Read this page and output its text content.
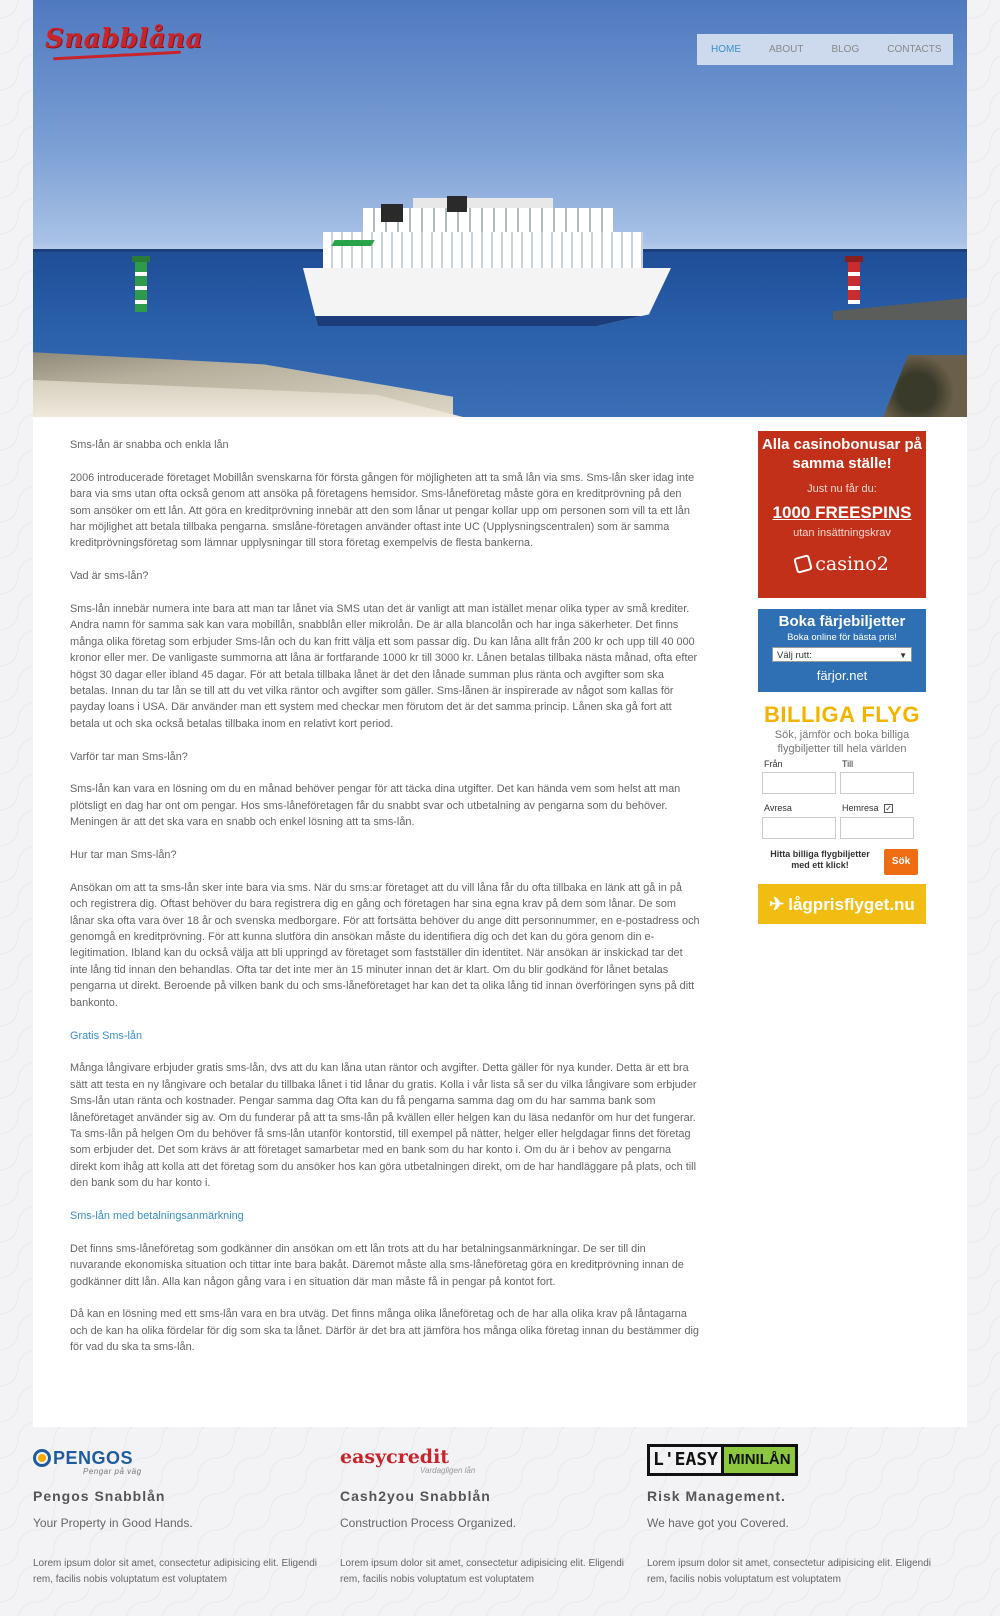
Snabblåna	HOME	ABOUT	BLOG	CONTACTS

Sms-lån är snabba och enkla lån

2006 introducerade företaget Mobillån svenskarna för första gången för möjligheten att ta små lån via sms. Sms-lån sker idag inte bara via sms utan ofta också genom att ansöka på företagens hemsidor. Sms-låneföretag måste göra en kreditprövning på den som ansöker om ett lån. Att göra en kreditprövning innebär att den som lånar ut pengar kollar upp om personen som vill ta ett lån har möjlighet att betala tillbaka pengarna. smslåne-företagen använder oftast inte UC (Upplysningscentralen) som är samma kreditprövningsföretag som lämnar upplysningar till stora företag exempelvis de flesta bankerna.

Vad är sms-lån?

Sms-lån innebär numera inte bara att man tar lånet via SMS utan det är vanligt att man istället menar olika typer av små krediter. Andra namn för samma sak kan vara mobillån, snabblån eller mikrolån. De är alla blancolån och har inga säkerheter. Det finns många olika företag som erbjuder Sms-lån och du kan fritt välja ett som passar dig. Du kan låna allt från 200 kr och upp till 40 000 kronor eller mer. De vanligaste summorna att låna är fortfarande 1000 kr till 3000 kr. Lånen betalas tillbaka nästa månad, ofta efter högst 30 dagar eller ibland 45 dagar. För att betala tillbaka lånet är det den lånade summan plus ränta och avgifter som ska betalas. Innan du tar lån se till att du vet vilka räntor och avgifter som gäller. Sms-lånen är inspirerade av något som kallas för payday loans i USA. Där använder man ett system med checkar men förutom det är det samma princip. Lånen ska gå fort att betala ut och ska också betalas tillbaka inom en relativt kort period.

Varför tar man Sms-lån?

Sms-lån kan vara en lösning om du en månad behöver pengar för att täcka dina utgifter. Det kan hända vem som helst att man plötsligt en dag har ont om pengar. Hos sms-låneföretagen får du snabbt svar och utbetalning av pengarna som du behöver. Meningen är att det ska vara en snabb och enkel lösning att ta sms-lån.

Hur tar man Sms-lån?

Ansökan om att ta sms-lån sker inte bara via sms. När du sms:ar företaget att du vill låna får du ofta tillbaka en länk att gå in på och registrera dig. Oftast behöver du bara registrera dig en gång och företagen har sina egna krav på dem som lånar. De som lånar ska ofta vara över 18 år och svenska medborgare. För att fortsätta behöver du ange ditt personnummer, en e-postadress och genomgå en kreditprövning. För att kunna slutföra din ansökan måste du identifiera dig och det kan du göra genom din e-legitimation. Ibland kan du också välja att bli uppringd av företaget som fastställer din identitet. När ansökan är inskickad tar det inte lång tid innan den behandlas. Ofta tar det inte mer än 15 minuter innan det är klart. Om du blir godkänd för lånet betalas pengarna ut direkt. Beroende på vilken bank du och sms-låneföretaget har kan det ta olika lång tid innan överföringen syns på ditt bankonto.

Gratis Sms-lån

Många långivare erbjuder gratis sms-lån, dvs att du kan låna utan räntor och avgifter. Detta gäller för nya kunder. Detta är ett bra sätt att testa en ny långivare och betalar du tillbaka lånet i tid lånar du gratis. Kolla i vår lista så ser du vilka långivare som erbjuder Sms-lån utan ränta och kostnader. Pengar samma dag Ofta kan du få pengarna samma dag om du har samma bank som låneföretaget använder sig av. Om du funderar på att ta sms-lån på kvällen eller helgen kan du läsa nedanför om hur det fungerar. Ta sms-lån på helgen Om du behöver få sms-lån utanför kontorstid, till exempel på nätter, helger eller helgdagar finns det företag som erbjuder det. Det som krävs är att företaget samarbetar med en bank som du har konto i. Om du är i behov av pengarna direkt kom ihåg att kolla att det företag som du ansöker hos kan göra utbetalningen direkt, om de har handläggare på plats, och till den bank som du har konto i.

Sms-lån med betalningsanmärkning

Det finns sms-låneföretag som godkänner din ansökan om ett lån trots att du har betalningsanmärkningar. De ser till din nuvarande ekonomiska situation och tittar inte bara bakåt. Däremot måste alla sms-låneföretag göra en kreditprövning innan de godkänner ditt lån. Alla kan någon gång vara i en situation där man måste få in pengar på kontot fort.

Då kan en lösning med ett sms-lån vara en bra utväg. Det finns många olika låneföretag och de har alla olika krav på låntagarna och de kan ha olika fördelar för dig som ska ta lånet. Därför är det bra att jämföra hos många olika företag innan du bestämmer dig för vad du ska ta sms-lån.

Alla casinobonusar på samma ställe!
Just nu får du:
1000 FREESPINS
utan insättningskrav
casino2
Boka färjebiljetter
Boka online för bästa pris!
Välj rutt:	▼
färjor.net
BILLIGA FLYG
Sök, jämför och boka billiga flygbiljetter till hela världen
Från	Till
Avresa	Hemresa ✓
Hitta billiga flygbiljetter med ett klick!	Sök
✈ lågprisflyget.nu
PENGOS
Pengar på väg
Pengos Snabblån
Your Property in Good Hands.
Lorem ipsum dolor sit amet, consectetur adipisicing elit. Eligendi rem, facilis nobis voluptatum est voluptatem
easycredit
Vardagligen lån
Cash2you Snabblån
Construction Process Organized.
Lorem ipsum dolor sit amet, consectetur adipisicing elit. Eligendi rem, facilis nobis voluptatum est voluptatem
L'EASY MINILÅN
Risk Management.
We have got you Covered.
Lorem ipsum dolor sit amet, consectetur adipisicing elit. Eligendi rem, facilis nobis voluptatum est voluptatem
